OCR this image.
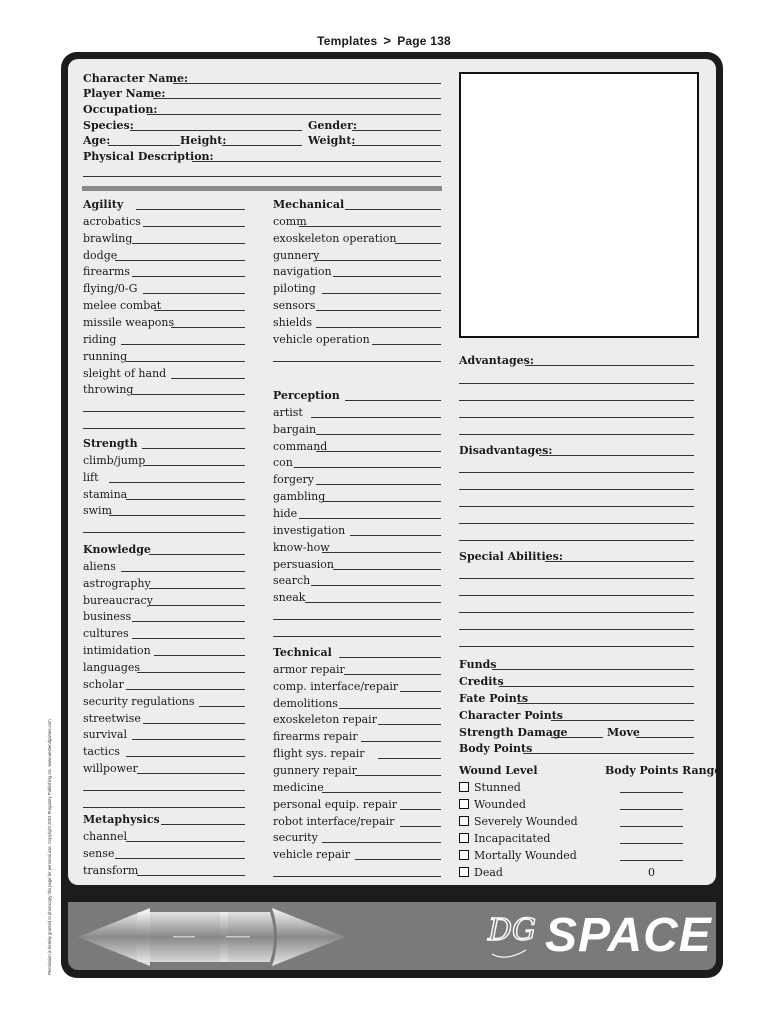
Templates > Page 138
Character Name:
Player Name:
Occupation:
Species:	Gender:
Age:	Height:	Weight:
Physical Description:
Agility
acrobatics
brawling
dodge
firearms
flying/0-G
melee combat
missile weapons
riding
running
sleight of hand
throwing
Strength
climb/jump
lift
stamina
swim
Knowledge
aliens
astrography
bureaucracy
business
cultures
intimidation
languages
scholar
security regulations
streetwise
survival
tactics
willpower
Metaphysics
channel
sense
transform
Mechanical
comm
exoskeleton operation
gunnery
navigation
piloting
sensors
shields
vehicle operation
Perception
artist
bargain
command
con
forgery
gambling
hide
investigation
know-how
persuasion
search
sneak
Technical
armor repair
comp. interface/repair
demolitions
exoskeleton repair
firearms repair
flight sys. repair
gunnery repair
medicine
personal equip. repair
robot interface/repair
security
vehicle repair
Advantages:
Disadvantages:
Special Abilities:
Funds
Credits
Fate Points
Character Points
Strength Damage	Move
Body Points
Wound Level	Body Points Range
Stunned
Wounded
Severely Wounded
Incapacitated
Mortally Wounded
Dead	0
DG SPACE
Permission is hereby granted to photocopy this page for personal use. Copyright 2004 Purgatory Publishing Inc. www.westendgames.com
